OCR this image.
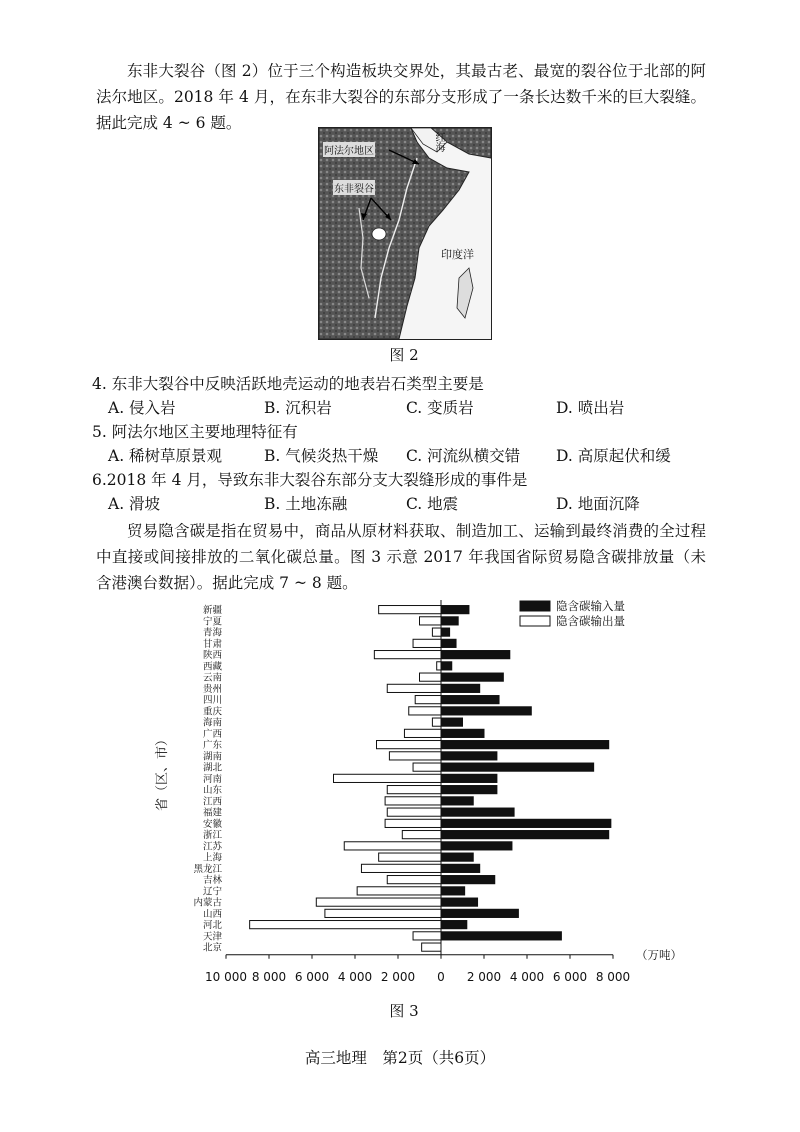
东非大裂谷（图 2）位于三个构造板块交界处，其最古老、最宽的裂谷位于北部的阿法尔地区。2018 年 4 月，在东非大裂谷的东部分支形成了一条长达数千米的巨大裂缝。据此完成 4 ~ 6 题。

阿法尔地区	红海
东非裂谷
印度洋
图 2

4. 东非大裂谷中反映活跃地壳运动的地表岩石类型主要是

A. 侵入岩	B. 沉积岩	C. 变质岩	D. 喷出岩

5. 阿法尔地区主要地理特征有

A. 稀树草原景观	B. 气候炎热干燥 C. 河流纵横交错 D. 高原起伏和缓

6.2018 年 4 月，导致东非大裂谷东部分支大裂缝形成的事件是

A. 滑坡	B. 土地冻融	C. 地震	D. 地面沉降

贸易隐含碳是指在贸易中，商品从原材料获取、制造加工、运输到最终消费的全过程中直接或间接排放的二氧化碳总量。图 3 示意 2017 年我国省际贸易隐含碳排放量（未含港澳台数据）。据此完成 7 ~ 8 题。

新疆
宁夏
青海
甘肃
陕西
西藏
云南
贵州
四川
重庆
海南
广西
广东
湖南
湖北
河南
山东
江西
福建
安徽
浙江
江苏
上海
黑龙江
吉林
辽宁
内蒙古
山西
河北
天津
北京
10 000 8 000 6 000 4 000 2 000 0 2 000 4 000 6 000 8 000
（万吨）
省（区、市）
隐含碳输入量
隐含碳输出量
图 3
高三地理　第2页（共6页）
